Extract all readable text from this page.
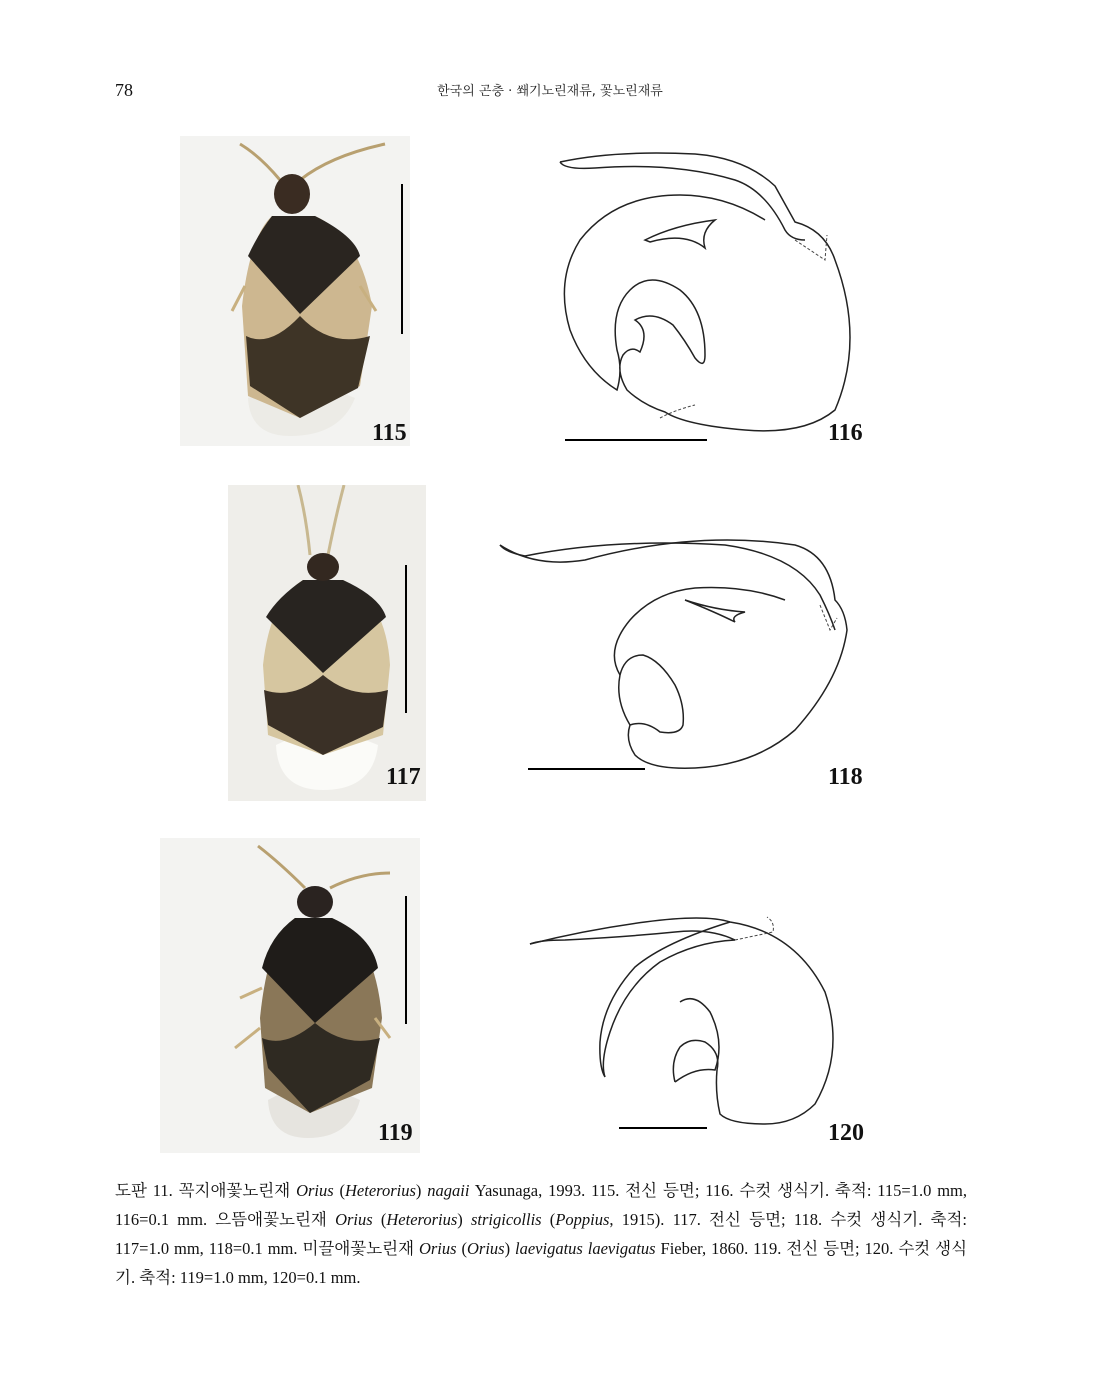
78	한국의 곤충 · 쐐기노린재류, 꽃노린재류
115	116
117	118
119	120
도판 11. 꼭지애꽃노린재 Orius (Heterorius) nagaii Yasunaga, 1993. 115. 전신 등면; 116. 수컷 생식기. 축적: 115=1.0 mm, 116=0.1 mm. 으뜸애꽃노린재 Orius (Heterorius) strigicollis (Poppius, 1915). 117. 전신 등면; 118. 수컷 생식기. 축적: 117=1.0 mm, 118=0.1 mm. 미끌애꽃노린재 Orius (Orius) laevigatus laevigatus Fieber, 1860. 119. 전신 등면; 120. 수컷 생식기. 축적: 119=1.0 mm, 120=0.1 mm.
